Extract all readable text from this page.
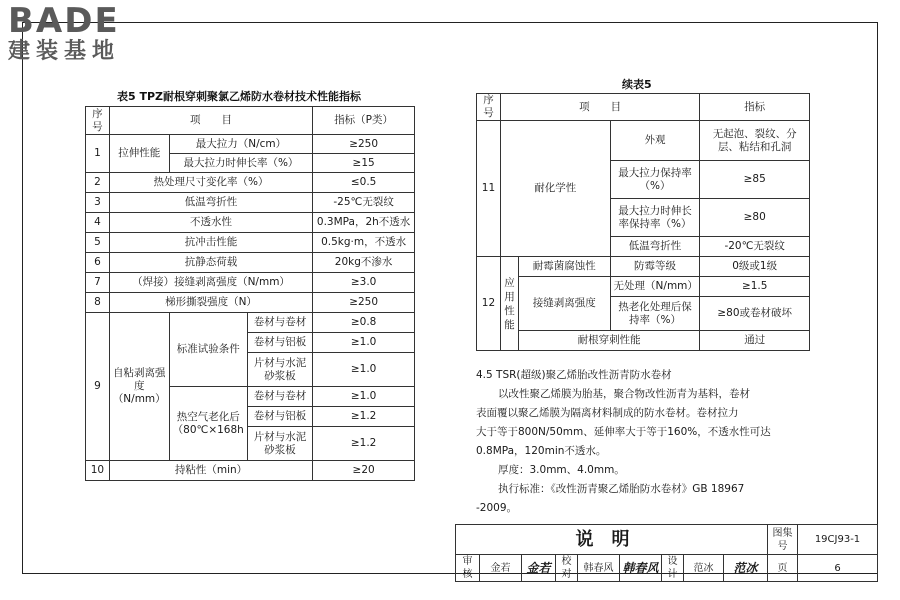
BADE
建装基地
表5 TPZ耐根穿刺聚氯乙烯防水卷材技术性能指标
序号	项　　目			指标（P类）
1	拉伸性能	最大拉力（N/cm）		≥250
		最大拉力时伸长率（%）		≥15
2	热处理尺寸变化率（%）			≤0.5
3	低温弯折性			-25℃无裂纹
4	不透水性			0.3MPa，2h不透水
5	抗冲击性能			0.5kg·m，不透水
6	抗静态荷载			20kg不渗水
7	（焊接）接缝剥离强度（N/mm）			≥3.0
8	梯形撕裂强度（N）			≥250
9	自粘剥离强度（N/mm）	标准试验条件	卷材与卷材	≥0.8
			卷材与铝板	≥1.0
			片材与水泥砂浆板	≥1.0
		热空气老化后（80℃×168h	卷材与卷材	≥1.0
			卷材与铝板	≥1.2
			片材与水泥砂浆板	≥1.2
10	持粘性（min）			≥20
续表5
序号	项　　目			指标
11	耐化学性		外观	无起泡、裂纹、分层、粘结和孔洞
			最大拉力保持率（%）	≥85
			最大拉力时伸长率保持率（%）	≥80
			低温弯折性	-20℃无裂纹
12	应用性能	耐霉菌腐蚀性	防霉等级	0级或1级
		接缝剥离强度	无处理（N/mm）	≥1.5
			热老化处理后保持率（%）	≥80或卷材破坏
		耐根穿刺性能		通过

4.5 TSR(超级)聚乙烯胎改性沥青防水卷材

以改性聚乙烯膜为胎基，聚合物改性沥青为基料，卷材

表面覆以聚乙烯膜为隔离材料制成的防水卷材。卷材拉力

大于等于800N/50mm、延伸率大于等于160%，不透水性可达

0.8MPa，120min不透水。

厚度：3.0mm、4.0mm。

执行标准：《改性沥青聚乙烯胎防水卷材》GB 18967

-2009。

说明									图集号	19CJ93-1
审核	金若	金若	校对	韩春风	韩春风	设计	范冰	范冰	页	6
